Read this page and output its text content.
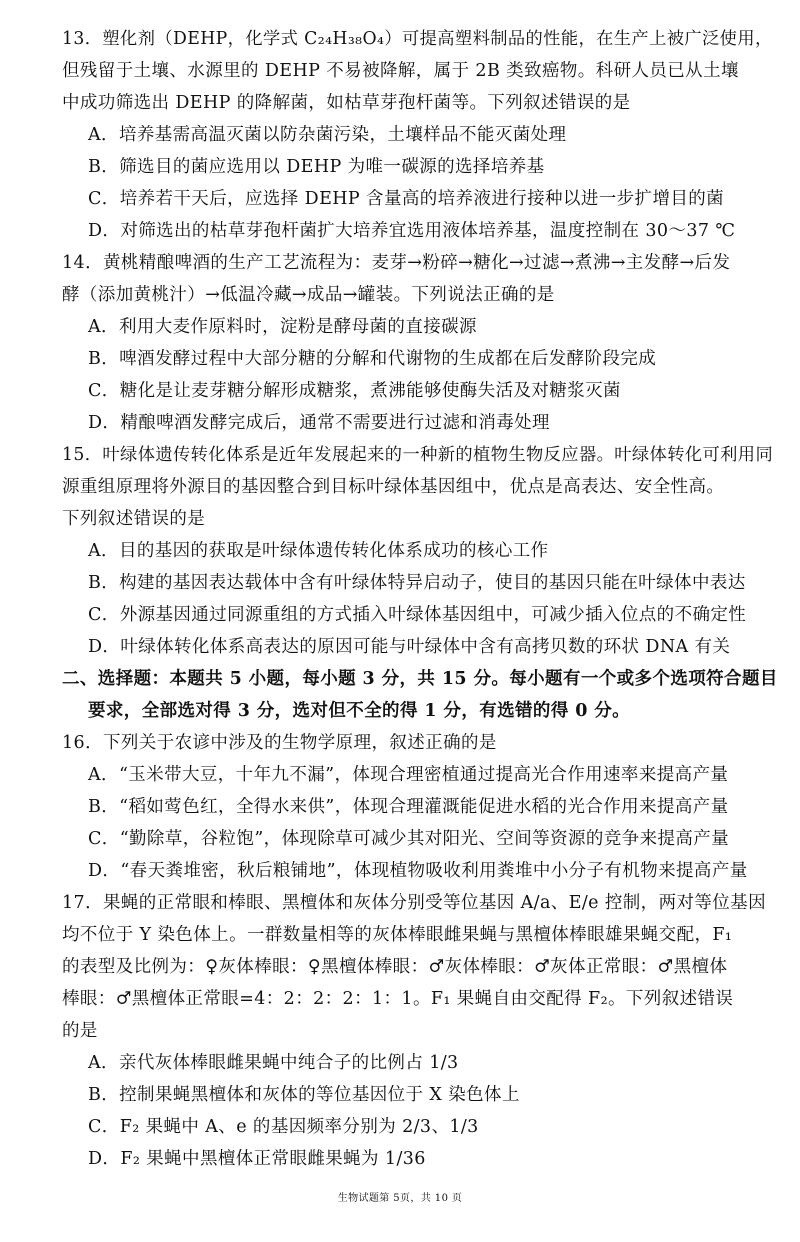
13．塑化剂（DEHP，化学式 C₂₄H₃₈O₄）可提高塑料制品的性能，在生产上被广泛使用，
但残留于土壤、水源里的 DEHP 不易被降解，属于 2B 类致癌物。科研人员已从土壤
中成功筛选出 DEHP 的降解菌，如枯草芽孢杆菌等。下列叙述错误的是
A．培养基需高温灭菌以防杂菌污染，土壤样品不能灭菌处理
B．筛选目的菌应选用以 DEHP 为唯一碳源的选择培养基
C．培养若干天后，应选择 DEHP 含量高的培养液进行接种以进一步扩增目的菌
D．对筛选出的枯草芽孢杆菌扩大培养宜选用液体培养基，温度控制在 30～37 ℃
14．黄桃精酿啤酒的生产工艺流程为：麦芽→粉碎→糖化→过滤→煮沸→主发酵→后发
酵（添加黄桃汁）→低温冷藏→成品→罐装。下列说法正确的是
A．利用大麦作原料时，淀粉是酵母菌的直接碳源
B．啤酒发酵过程中大部分糖的分解和代谢物的生成都在后发酵阶段完成
C．糖化是让麦芽糖分解形成糖浆，煮沸能够使酶失活及对糖浆灭菌
D．精酿啤酒发酵完成后，通常不需要进行过滤和消毒处理
15．叶绿体遗传转化体系是近年发展起来的一种新的植物生物反应器。叶绿体转化可利用同
源重组原理将外源目的基因整合到目标叶绿体基因组中，优点是高表达、安全性高。
下列叙述错误的是
A．目的基因的获取是叶绿体遗传转化体系成功的核心工作
B．构建的基因表达载体中含有叶绿体特异启动子，使目的基因只能在叶绿体中表达
C．外源基因通过同源重组的方式插入叶绿体基因组中，可减少插入位点的不确定性
D．叶绿体转化体系高表达的原因可能与叶绿体中含有高拷贝数的环状 DNA 有关
二、选择题：本题共 5 小题，每小题 3 分，共 15 分。每小题有一个或多个选项符合题目
要求，全部选对得 3 分，选对但不全的得 1 分，有选错的得 0 分。
16．下列关于农谚中涉及的生物学原理，叙述正确的是
A．“玉米带大豆，十年九不漏”，体现合理密植通过提高光合作用速率来提高产量
B．“稻如莺色红，全得水来供”，体现合理灌溉能促进水稻的光合作用来提高产量
C．“勤除草，谷粒饱”，体现除草可减少其对阳光、空间等资源的竞争来提高产量
D．“春天粪堆密，秋后粮铺地”，体现植物吸收利用粪堆中小分子有机物来提高产量
17．果蝇的正常眼和棒眼、黑檀体和灰体分别受等位基因 A/a、E/e 控制，两对等位基因
均不位于 Y 染色体上。一群数量相等的灰体棒眼雌果蝇与黑檀体棒眼雄果蝇交配，F₁
的表型及比例为：♀灰体棒眼：♀黑檀体棒眼：♂灰体棒眼：♂灰体正常眼：♂黑檀体
棒眼：♂黑檀体正常眼=4：2：2：2：1：1。F₁ 果蝇自由交配得 F₂。下列叙述错误
的是
A．亲代灰体棒眼雌果蝇中纯合子的比例占 1/3
B．控制果蝇黑檀体和灰体的等位基因位于 X 染色体上
C．F₂ 果蝇中 A、e 的基因频率分别为 2/3、1/3
D．F₂ 果蝇中黑檀体正常眼雌果蝇为 1/36
生物试题第 5页，共 10 页
